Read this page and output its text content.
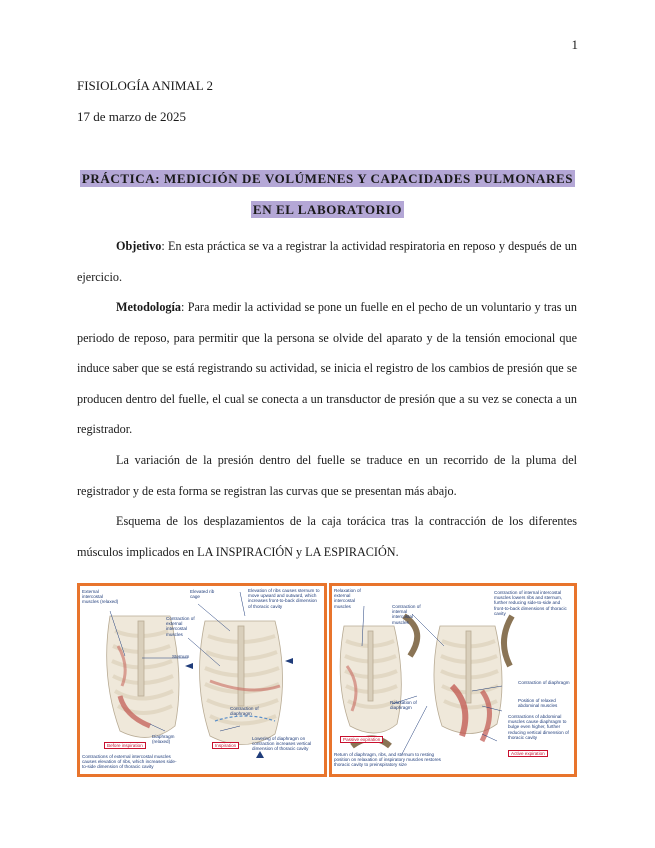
1
FISIOLOGÍA ANIMAL 2
17 de marzo de 2025
PRÁCTICA: MEDICIÓN DE VOLÚMENES Y CAPACIDADES PULMONARES
EN EL LABORATORIO
Objetivo: En esta práctica se va a registrar la actividad respiratoria en reposo y después de un ejercicio.
Metodología: Para medir la actividad se pone un fuelle en el pecho de un voluntario y tras un periodo de reposo, para permitir que la persona se olvide del aparato y de la tensión emocional que induce saber que se está registrando su actividad, se inicia el registro de los cambios de presión que se producen dentro del fuelle, el cual se conecta a un transductor de presión que a su vez se conecta a un registrador.
La variación de la presión dentro del fuelle se traduce en un recorrido de la pluma del registrador y de esta forma se registran las curvas que se presentan más abajo.
Esquema de los desplazamientos de la caja torácica tras la contracción de los diferentes músculos implicados en LA INSPIRACIÓN y LA ESPIRACIÓN.
External intercostal muscles (relaxed)
Elevated rib cage
Elevation of ribs causes sternum to move upward and outward, which increases front-to-back dimension of thoracic cavity
Contraction of external intercostal muscles
Sternum
Diaphragm (relaxed)
Contraction of diaphragm
Lowering of diaphragm on contraction increases vertical dimension of thoracic cavity
Contractions of external intercostal muscles causes elevation of ribs, which increases side-to-side dimension of thoracic cavity
Before inspiration	Inspiration
Relaxation of external intercostal muscles	Contraction of internal intercostal muscles
Contraction of internal intercostal muscles lowers ribs and sternum, further reducing side-to-side and front-to-back dimensions of thoracic cavity
Relaxation of diaphragm
Contraction of diaphragm
Position of relaxed abdominal muscles
Contractions of abdominal muscles cause diaphragm to bulge even higher, further reducing vertical dimension of thoracic cavity
Return of diaphragm, ribs, and sternum to resting position on relaxation of inspiratory muscles restores thoracic cavity to preinspiratory size
Passive expiration
Active expiration
